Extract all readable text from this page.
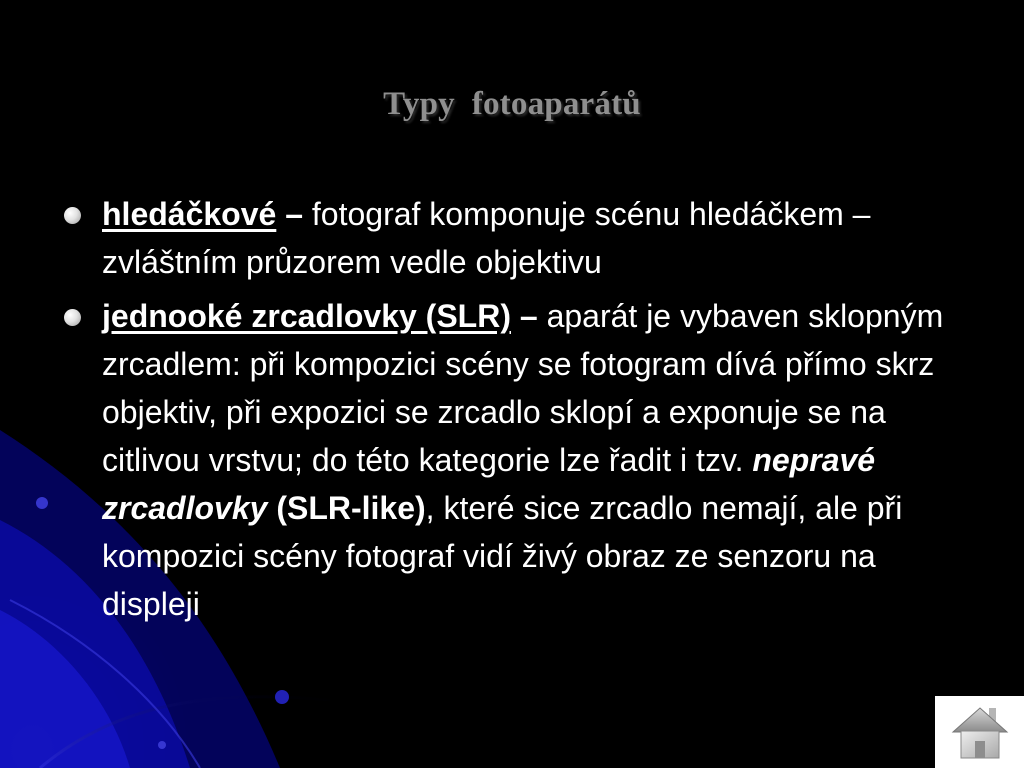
Typy  fotoaparátů
hledáčkové – fotograf komponuje scénu hledáčkem – zvláštním průzorem vedle objektivu
jednooké zrcadlovky (SLR) – aparát je vybaven sklopným zrcadlem: při kompozici scény se fotogram dívá přímo skrz objektiv, při expozici se zrcadlo sklopí a exponuje se na citlivou vrstvu; do této kategorie lze řadit i tzv. nepravé zrcadlovky (SLR-like), které sice zrcadlo nemají, ale při kompozici scény fotograf vidí živý obraz ze senzoru na displeji
